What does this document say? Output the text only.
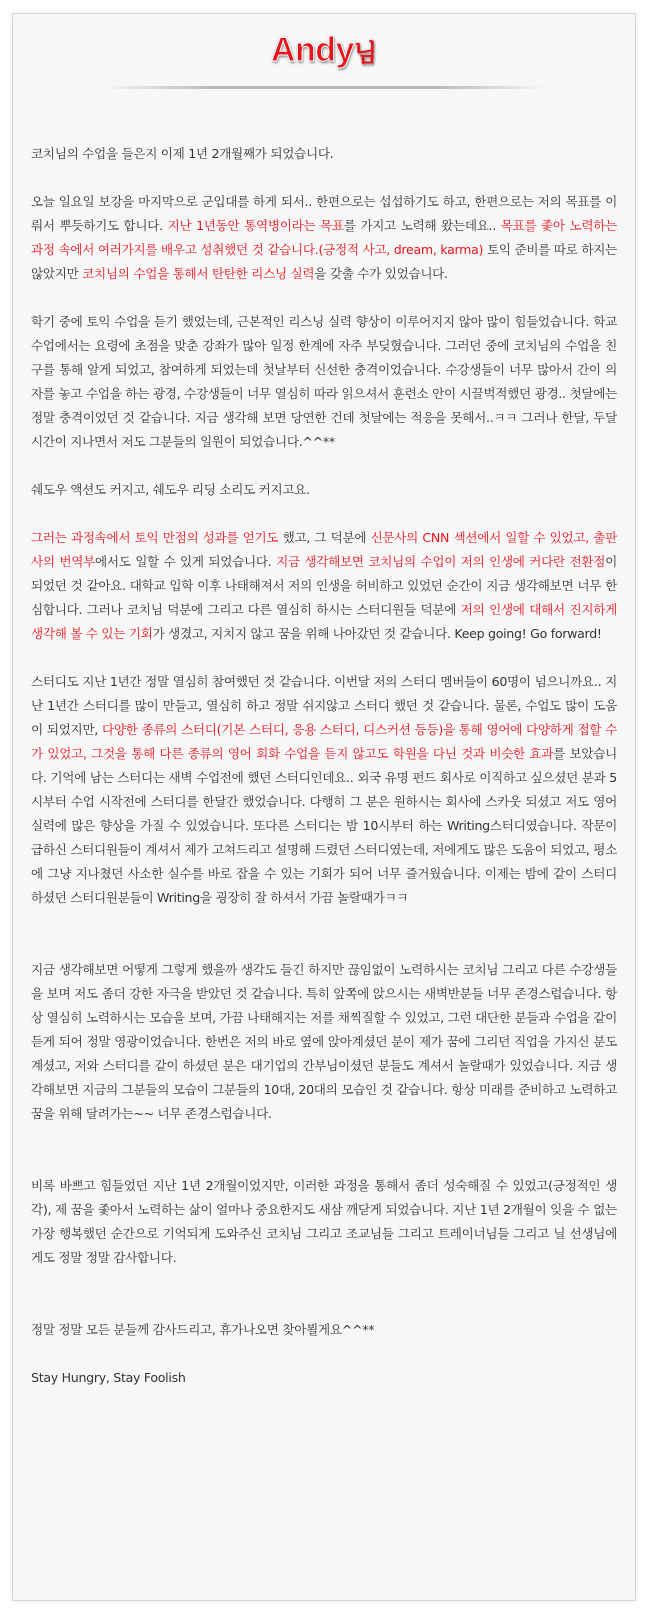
Andy님

코치님의 수업을 들은지 이제 1년 2개월째가 되었습니다.

오늘 일요일 보강을 마지막으로 군입대를 하게 되서.. 한편으로는 섭섭하기도 하고, 한편으로는 저의 목표를 이뤄서 뿌듯하기도 합니다. 지난 1년동안 통역병이라는 목표를 가지고 노력해 왔는데요.. 목표를 좇아 노력하는 과정 속에서 여러가지를 배우고 성취했던 것 같습니다.(긍정적 사고, dream, karma) 토익 준비를 따로 하지는 않았지만 코치님의 수업을 통해서 탄탄한 리스닝 실력을 갖출 수가 있었습니다.

학기 중에 토익 수업을 듣기 했었는데, 근본적인 리스닝 실력 향상이 이루어지지 않아 많이 힘들었습니다. 학교 수업에서는 요령에 초점을 맞춘 강좌가 많아 일정 한계에 자주 부딪혔습니다. 그러던 중에 코치님의 수업을 친구를 통해 알게 되었고, 참여하게 되었는데 첫날부터 신선한 충격이었습니다. 수강생들이 너무 많아서 간이 의자를 놓고 수업을 하는 광경, 수강생들이 너무 열심히 따라 읽으셔서 훈련소 안이 시끌벅적했던 광경.. 첫달에는 정말 충격이었던 것 같습니다. 지금 생각해 보면 당연한 건데 첫달에는 적응을 못해서..ㅋㅋ 그러나 한달, 두달 시간이 지나면서 저도 그분들의 일원이 되었습니다.^^**

쉐도우 액션도 커지고, 쉐도우 리딩 소리도 커지고요.

그러는 과정속에서 토익 만점의 성과를 얻기도 했고, 그 덕분에 신문사의 CNN 섹션에서 일할 수 있었고, 출판사의 번역부에서도 일할 수 있게 되었습니다. 지금 생각해보면 코치님의 수업이 저의 인생에 커다란 전환점이 되었던 것 같아요. 대학교 입학 이후 나태해져서 저의 인생을 허비하고 있었던 순간이 지금 생각해보면 너무 한심합니다. 그러나 코치님 덕분에 그리고 다른 열심히 하시는 스터디원들 덕분에 저의 인생에 대해서 진지하게 생각해 볼 수 있는 기회가 생겼고, 지치지 않고 꿈을 위해 나아갔던 것 같습니다. Keep going! Go forward!

스터디도 지난 1년간 정말 열심히 참여했던 것 같습니다. 이번달 저의 스터디 멤버들이 60명이 넘으니까요.. 지난 1년간 스터디를 많이 만들고, 열심히 하고 정말 쉬지않고 스터디 했던 것 같습니다. 물론, 수업도 많이 도움이 되었지만, 다양한 종류의 스터디(기본 스터디, 응용 스터디, 디스커션 등등)을 통해 영어에 다양하게 접할 수가 있었고, 그것을 통해 다른 종류의 영어 회화 수업을 듣지 않고도 학원을 다닌 것과 비슷한 효과를 보았습니다. 기억에 남는 스터디는 새벽 수업전에 했던 스터디인데요.. 외국 유명 펀드 회사로 이직하고 싶으셨던 분과 5시부터 수업 시작전에 스터디를 한달간 했었습니다. 다행히 그 분은 원하시는 회사에 스카웃 되셨고 저도 영어 실력에 많은 향상을 가질 수 있었습니다. 또다른 스터디는 밤 10시부터 하는 Writing스터디였습니다. 작문이 급하신 스터디원들이 계셔서 제가 고쳐드리고 설명해 드렸던 스터디였는데, 저에게도 많은 도움이 되었고, 평소에 그냥 지나쳤던 사소한 실수를 바로 잡을 수 있는 기회가 되어 너무 즐거웠습니다. 이제는 밤에 같이 스터디 하셨던 스터디원분들이 Writing을 굉장히 잘 하셔서 가끔 놀랄때가ㅋㅋ

지금 생각해보면 어떻게 그렇게 했을까 생각도 들긴 하지만 끊임없이 노력하시는 코치님 그리고 다른 수강생들을 보며 저도 좀더 강한 자극을 받았던 것 같습니다. 특히 앞쪽에 앉으시는 새벽반분들 너무 존경스럽습니다. 항상 열심히 노력하시는 모습을 보며, 가끔 나태해지는 저를 채찍질할 수 있었고, 그런 대단한 분들과 수업을 같이 듣게 되어 정말 영광이었습니다. 한번은 저의 바로 옆에 앉아계셨던 분이 제가 꿈에 그리던 직업을 가지신 분도 계셨고, 저와 스터디를 같이 하셨던 분은 대기업의 간부님이셨던 분들도 계셔서 놀랄때가 있었습니다. 지금 생각해보면 지금의 그분들의 모습이 그분들의 10대, 20대의 모습인 것 같습니다. 항상 미래를 준비하고 노력하고 꿈을 위해 달려가는~~ 너무 존경스럽습니다.

비록 바쁘고 힘들었던 지난 1년 2개월이었지만, 이러한 과정을 통해서 좀더 성숙해질 수 있었고(긍정적인 생각), 제 꿈을 좇아서 노력하는 삶이 얼마나 중요한지도 새삼 깨닫게 되었습니다. 지난 1년 2개월이 잊을 수 없는 가장 행복했던 순간으로 기억되게 도와주신 코치님 그리고 조교님들 그리고 트레이너님들 그리고 닐 선생님에게도 정말 정말 감사합니다.

정말 정말 모든 분들께 감사드리고, 휴가나오면 찾아뵐게요^^**

Stay Hungry, Stay Foolish
